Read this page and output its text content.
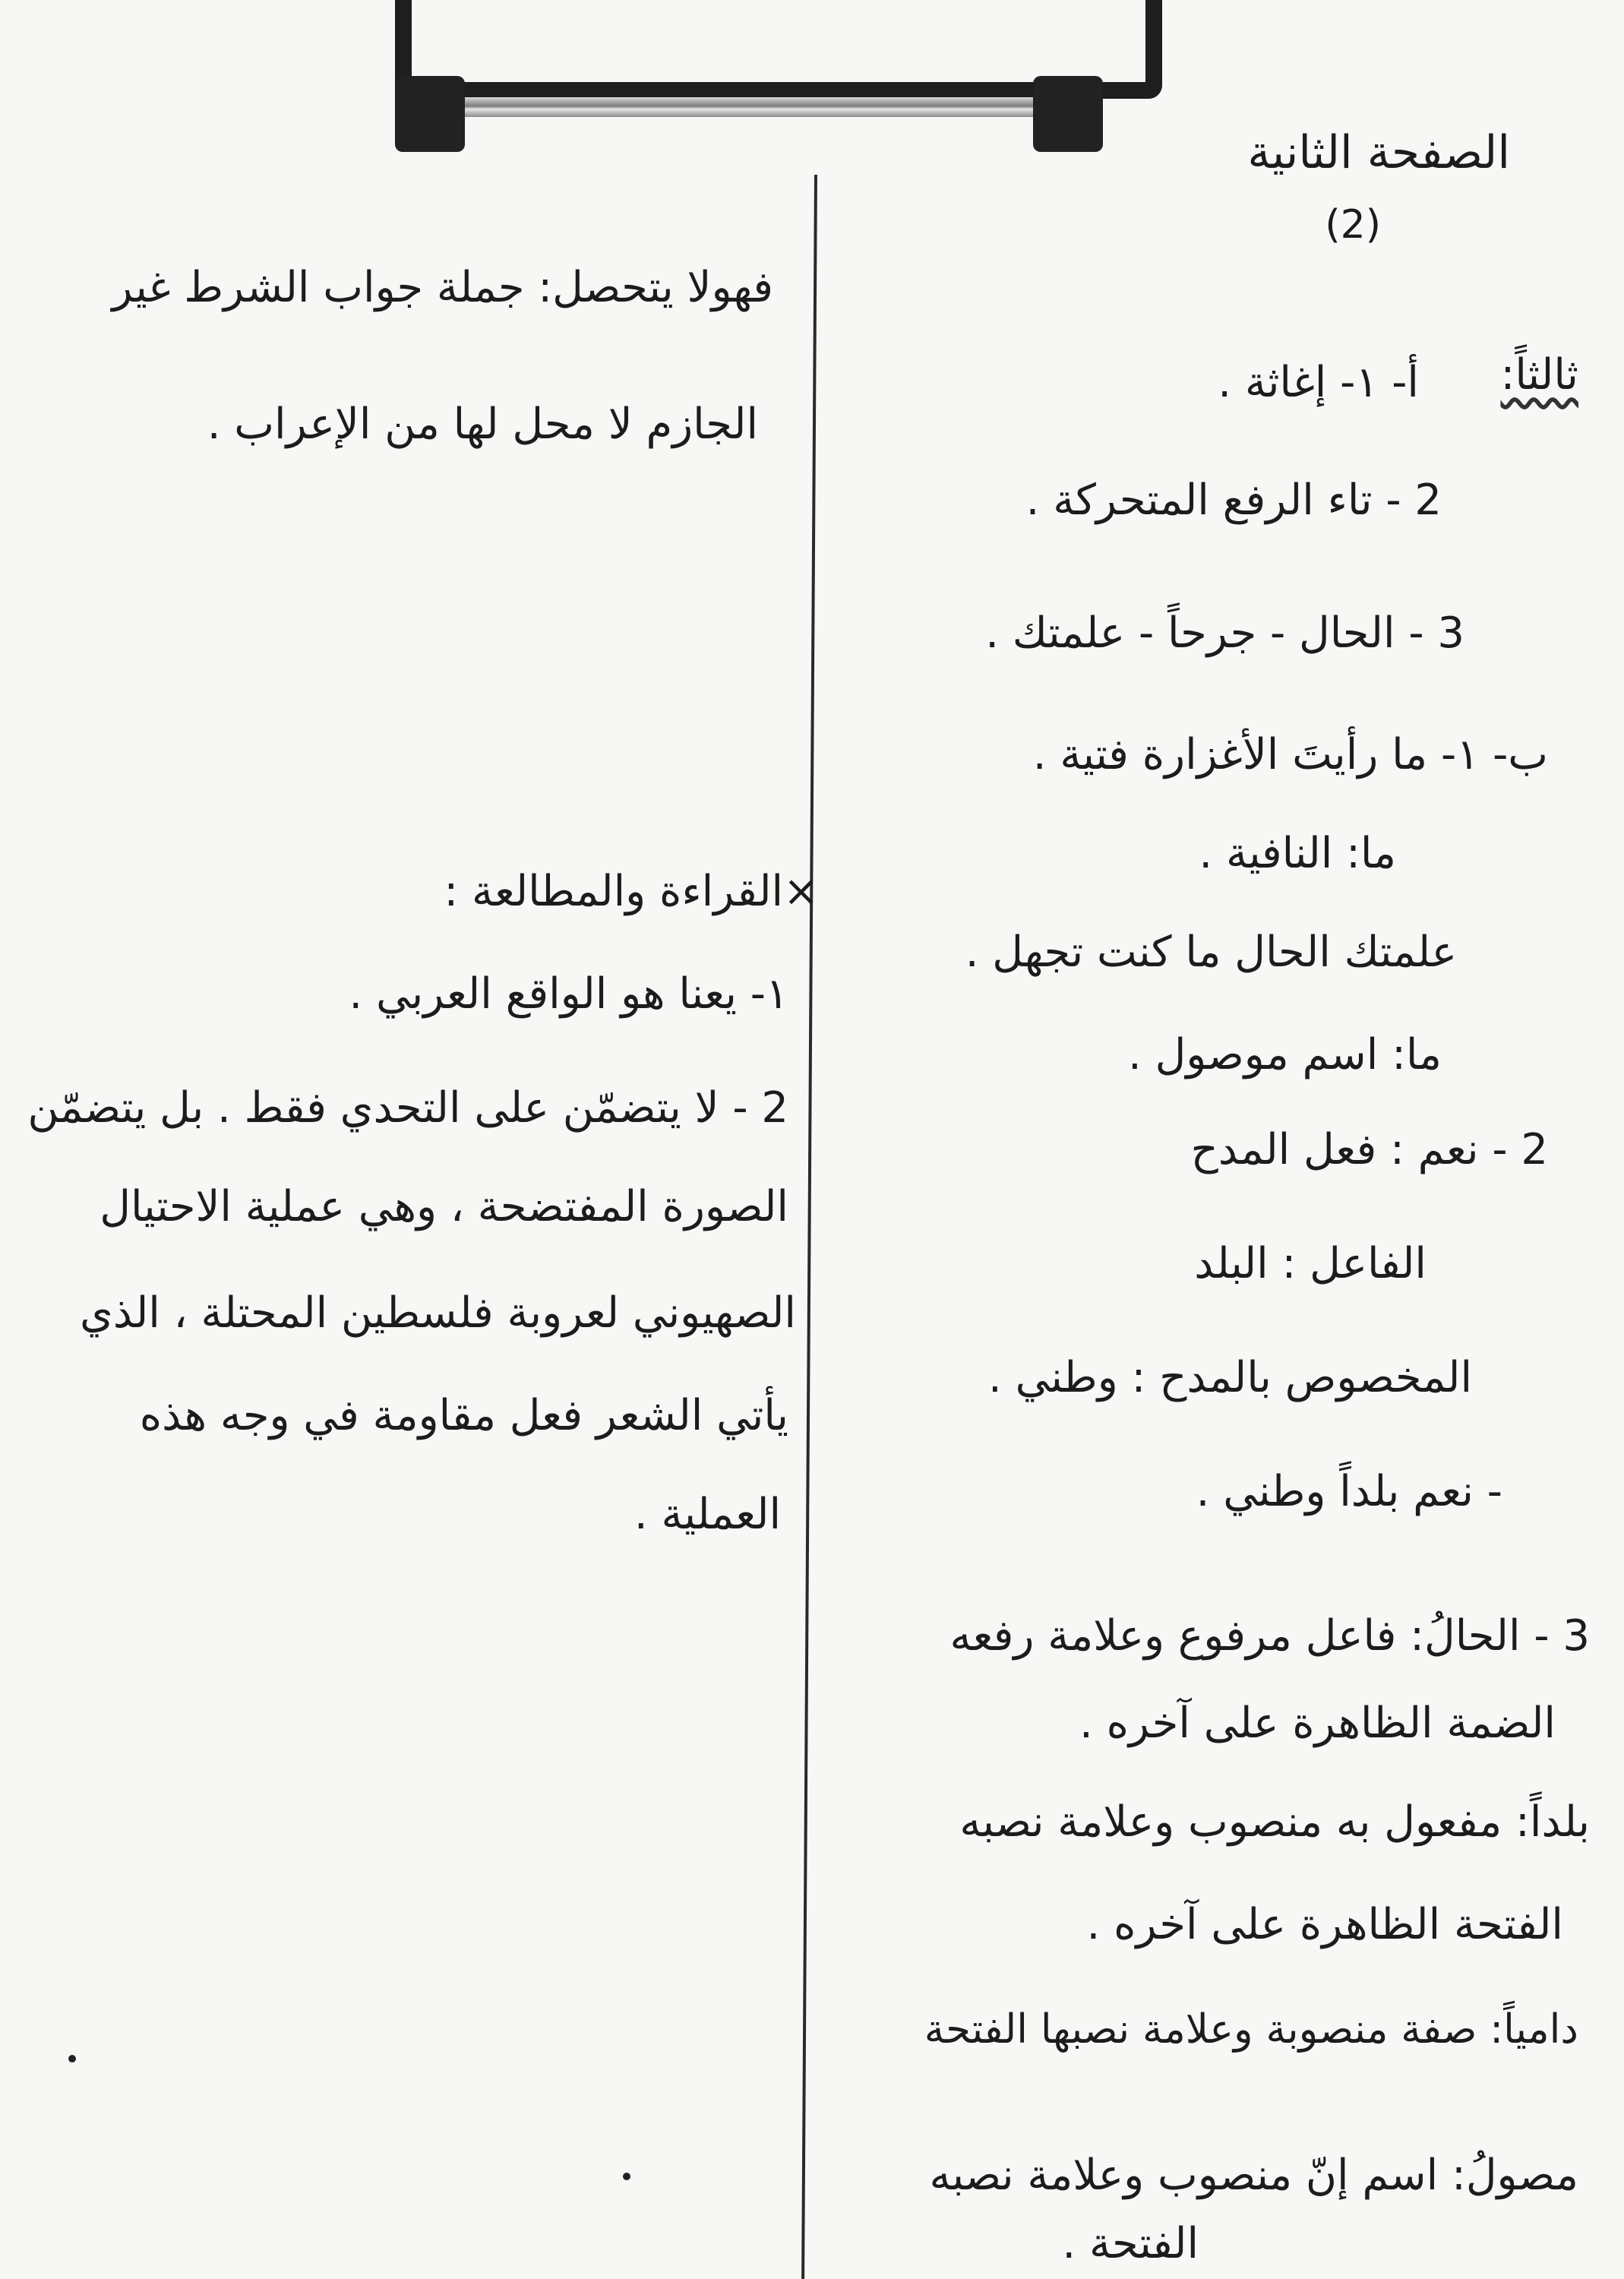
الصفحة الثانية
(2)
ثالثاً:
أ- ١- إغاثة .
2 - تاء الرفع المتحركة .
3 - الحال - جرحاً - علمتك .
ب- ١- ما رأيتَ الأغزارة فتية .
ما: النافية .
علمتك الحال ما كنت تجهل .
ما: اسم موصول .
2 - نعم : فعل المدح
الفاعل : البلد
المخصوص بالمدح : وطني .
- نعم بلداً وطني .
3 - الحالُ: فاعل مرفوع وعلامة رفعه
الضمة الظاهرة على آخره .
بلداً: مفعول به منصوب وعلامة نصبه
الفتحة الظاهرة على آخره .
دامياً: صفة منصوبة وعلامة نصبها الفتحة
مصولُ: اسم إنّ منصوب وعلامة نصبه
الفتحة .
فهولا يتحصل: جملة جواب الشرط غير
الجازم لا محل لها من الإعراب .
×القراءة والمطالعة :
١- يعنا هو الواقع العربي .
2 - لا يتضمّن على التحدي فقط . بل يتضمّن
الصورة المفتضحة ، وهي عملية الاحتيال
الصهيوني لعروبة فلسطين المحتلة ، الذي
يأتي الشعر فعل مقاومة في وجه هذه
العملية .
